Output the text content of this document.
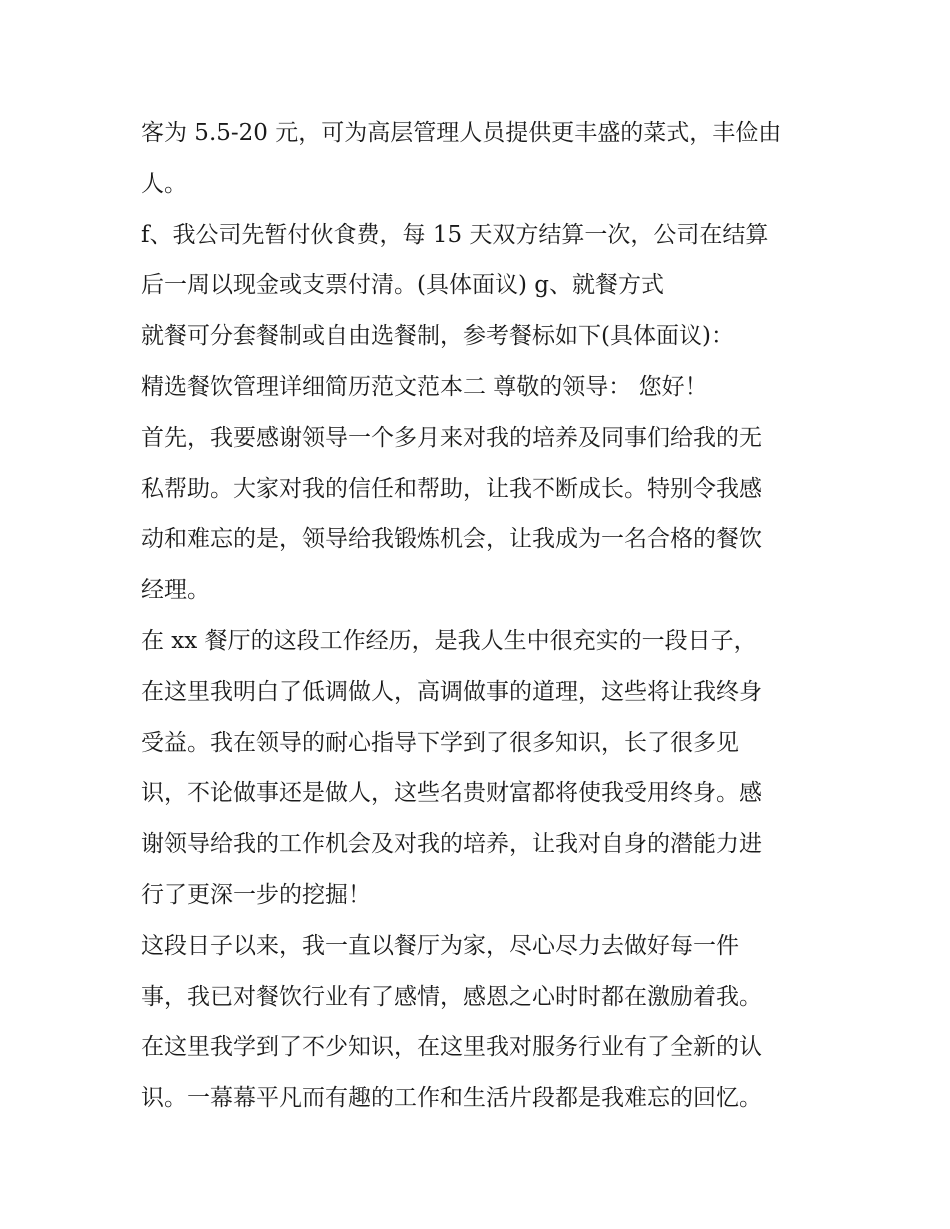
客为 5.5-20 元，可为高层管理人员提供更丰盛的菜式，丰俭由
人。
f、我公司先暂付伙食费，每 15 天双方结算一次，公司在结算
后一周以现金或支票付清。(具体面议) g、就餐方式
就餐可分套餐制或自由选餐制，参考餐标如下(具体面议)：
精选餐饮管理详细简历范文范本二 尊敬的领导： 您好！
首先，我要感谢领导一个多月来对我的培养及同事们给我的无
私帮助。大家对我的信任和帮助，让我不断成长。特别令我感
动和难忘的是，领导给我锻炼机会，让我成为一名合格的餐饮
经理。
在 xx 餐厅的这段工作经历，是我人生中很充实的一段日子，
在这里我明白了低调做人，高调做事的道理，这些将让我终身
受益。我在领导的耐心指导下学到了很多知识，长了很多见
识，不论做事还是做人，这些名贵财富都将使我受用终身。感
谢领导给我的工作机会及对我的培养，让我对自身的潜能力进
行了更深一步的挖掘！
这段日子以来，我一直以餐厅为家，尽心尽力去做好每一件
事，我已对餐饮行业有了感情，感恩之心时时都在激励着我。
在这里我学到了不少知识，在这里我对服务行业有了全新的认
识。一幕幕平凡而有趣的工作和生活片段都是我难忘的回忆。
